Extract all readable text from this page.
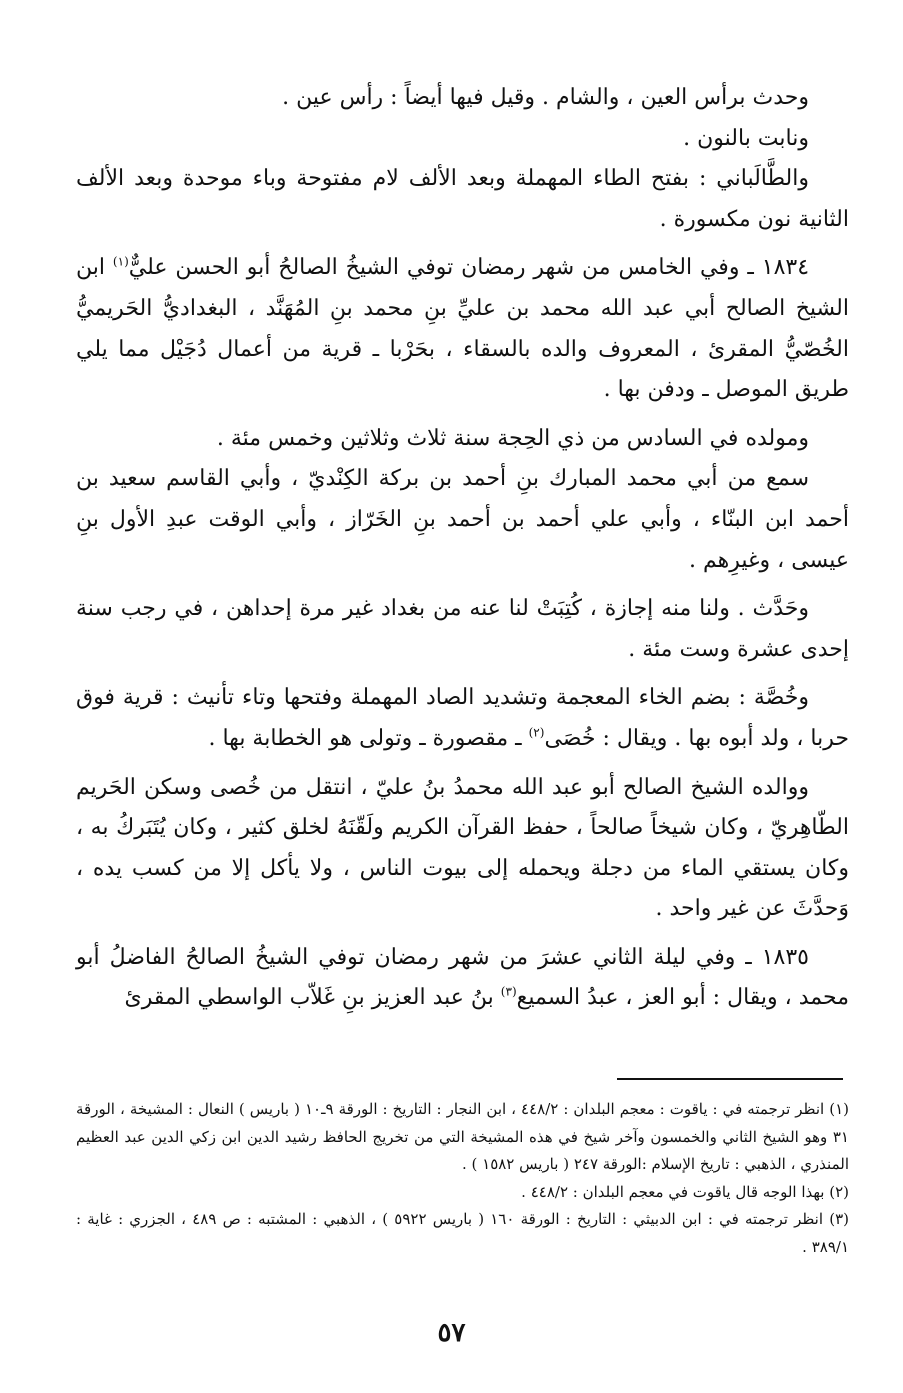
وحدث برأس العين ، والشام . وقيل فيها أيضاً : رأس عين .

ونابت بالنون .

والطَّالَباني : بفتح الطاء المهملة وبعد الألف لام مفتوحة وباء موحدة وبعد الألف الثانية نون مكسورة .

١٨٣٤ ـ وفي الخامس من شهر رمضان توفي الشيخُ الصالحُ أبو الحسن عليٌّ$^{(١)}$ ابن الشيخ الصالح أبي عبد الله محمد بن عليِّ بنِ محمد بنِ المُهَنَّد ، البغداديُّ الحَريميُّ الخُصّيُّ المقرئ ، المعروف والده بالسقاء ، بحَرْبا ـ قرية من أعمال دُجَيْل مما يلي طريق الموصل ـ ودفن بها .

ومولده في السادس من ذي الحِجة سنة ثلاث وثلاثين وخمس مئة .

سمع من أبي محمد المبارك بنِ أحمد بن بركة الكِنْديّ ، وأبي القاسم سعيد بن أحمد ابن البنّاء ، وأبي علي أحمد بن أحمد بنِ الخَرّاز ، وأبي الوقت عبدِ الأول بنِ عيسى ، وغيرِهم .

وحَدَّث . ولنا منه إجازة ، كُتِبَتْ لنا عنه من بغداد غير مرة إحداهن ، في رجب سنة إحدى عشرة وست مئة .

وخُصَّة : بضم الخاء المعجمة وتشديد الصاد المهملة وفتحها وتاء تأنيث : قرية فوق حربا ، ولد أبوه بها . ويقال : خُصَى$^{(٢)}$ ـ مقصورة ـ وتولى هو الخطابة بها .

ووالده الشيخ الصالح أبو عبد الله محمدُ بنُ عليّ ، انتقل من خُصى وسكن الحَريم الطّاهِريّ ، وكان شيخاً صالحاً ، حفظ القرآن الكريم ولَقّنَهُ لخلق كثير ، وكان يُتَبَركُ به ، وكان يستقي الماء من دجلة ويحمله إلى بيوت الناس ، ولا يأكل إلا من كسب يده ، وَحدَّثَ عن غير واحد .

١٨٣٥ ـ وفي ليلة الثاني عشرَ من شهر رمضان توفي الشيخُ الصالحُ الفاضلُ أبو محمد ، ويقال : أبو العز ، عبدُ السميع$^{(٣)}$ بنُ عبد العزيز بنِ غَلاّب الواسطي المقرئ

(١) انظر ترجمته في : ياقوت : معجم البلدان : ٤٤٨/٢ ، ابن النجار : التاريخ : الورقة ٩ـ١٠ ( باريس ) النعال : المشيخة ، الورقة ٣١ وهو الشيخ الثاني والخمسون وآخر شيخ في هذه المشيخة التي من تخريج الحافظ رشيد الدين ابن زكي الدين عبد العظيم المنذري ، الذهبي : تاريخ الإسلام :الورقة ٢٤٧ ( باريس ١٥٨٢ ) .

(٢) بهذا الوجه قال ياقوت في معجم البلدان : ٤٤٨/٢ .

(٣) انظر ترجمته في : ابن الدبيثي : التاريخ : الورقة ١٦٠ ( باريس ٥٩٢٢ ) ، الذهبي : المشتبه : ص ٤٨٩ ، الجزري : غاية : ٣٨٩/١ .

٥٧
